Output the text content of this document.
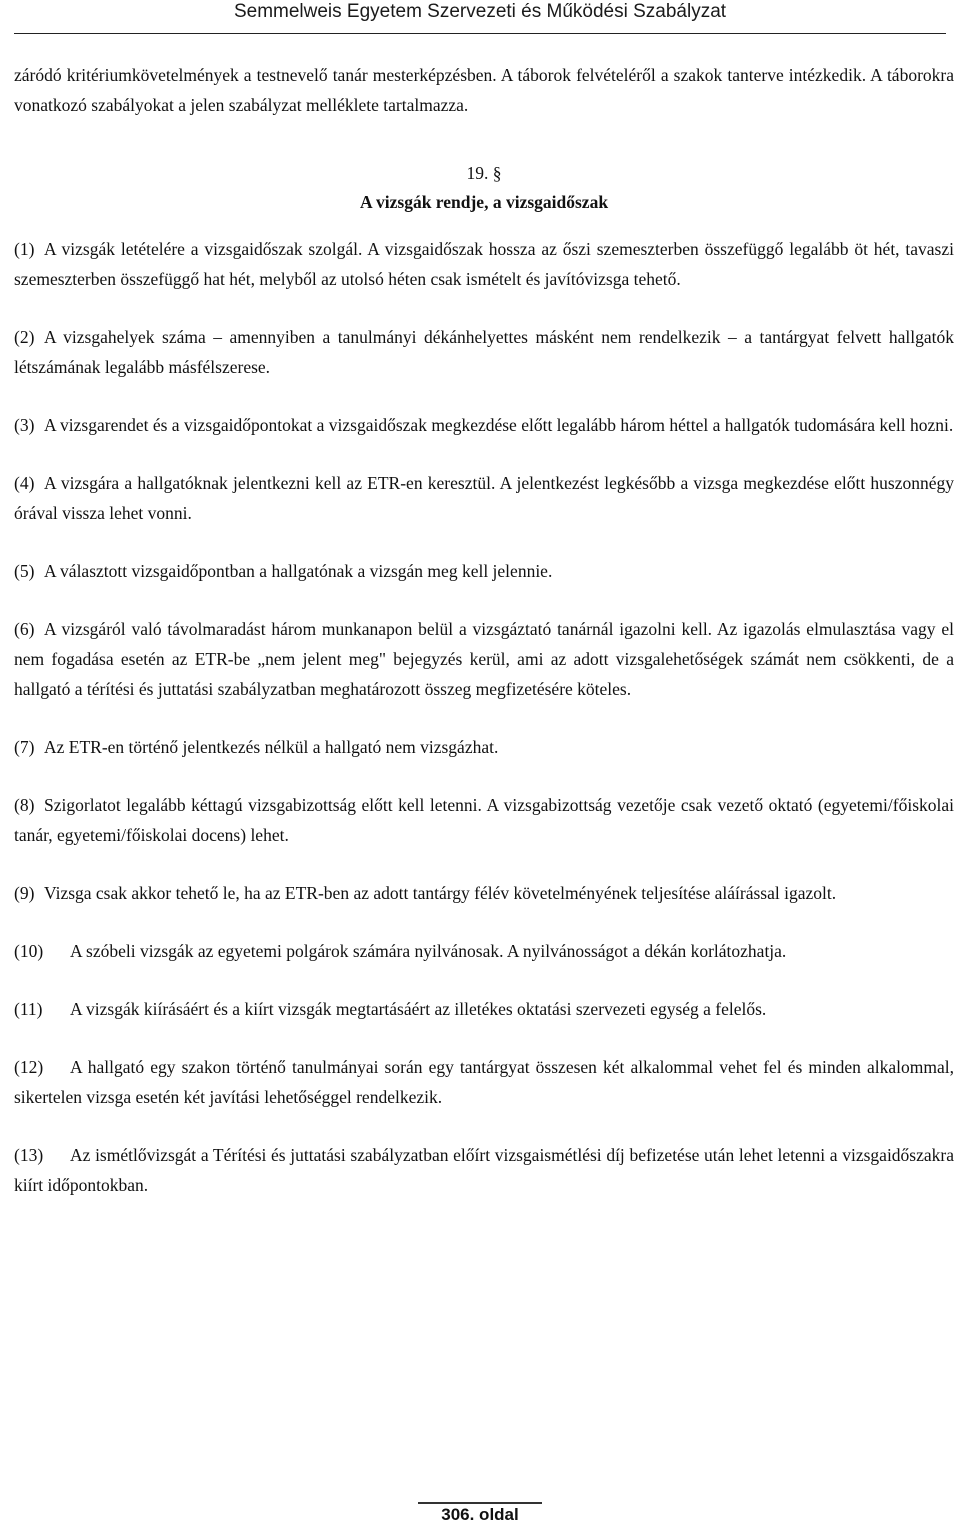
Semmelweis Egyetem Szervezeti és Működési Szabályzat

záródó kritériumkövetelmények a testnevelő tanár mesterképzésben. A táborok felvételéről a szakok tanterve intézkedik. A táborokra vonatkozó szabályokat a jelen szabályzat melléklete tartalmazza.

19. §
A vizsgák rendje, a vizsgaidőszak

(1) A vizsgák letételére a vizsgaidőszak szolgál. A vizsgaidőszak hossza az őszi szemeszterben összefüggő legalább öt hét, tavaszi szemeszterben összefüggő hat hét, melyből az utolsó héten csak ismételt és javítóvizsga tehető.

(2) A vizsgahelyek száma – amennyiben a tanulmányi dékánhelyettes másként nem rendelkezik – a tantárgyat felvett hallgatók létszámának legalább másfélszerese.

(3) A vizsgarendet és a vizsgaidőpontokat a vizsgaidőszak megkezdése előtt legalább három héttel a hallgatók tudomására kell hozni.

(4) A vizsgára a hallgatóknak jelentkezni kell az ETR-en keresztül. A jelentkezést legkésőbb a vizsga megkezdése előtt huszonnégy órával vissza lehet vonni.

(5) A választott vizsgaidőpontban a hallgatónak a vizsgán meg kell jelennie.

(6) A vizsgáról való távolmaradást három munkanapon belül a vizsgáztató tanárnál igazolni kell. Az igazolás elmulasztása vagy el nem fogadása esetén az ETR-be „nem jelent meg" bejegyzés kerül, ami az adott vizsgalehetőségek számát nem csökkenti, de a hallgató a térítési és juttatási szabályzatban meghatározott összeg megfizetésére köteles.

(7) Az ETR-en történő jelentkezés nélkül a hallgató nem vizsgázhat.

(8) Szigorlatot legalább kéttagú vizsgabizottság előtt kell letenni. A vizsgabizottság vezetője csak vezető oktató (egyetemi/főiskolai tanár, egyetemi/főiskolai docens) lehet.

(9) Vizsga csak akkor tehető le, ha az ETR-ben az adott tantárgy félév követelményének teljesítése aláírással igazolt.

(10) A szóbeli vizsgák az egyetemi polgárok számára nyilvánosak. A nyilvánosságot a dékán korlátozhatja.

(11) A vizsgák kiírásáért és a kiírt vizsgák megtartásáért az illetékes oktatási szervezeti egység a felelős.

(12) A hallgató egy szakon történő tanulmányai során egy tantárgyat összesen két alkalommal vehet fel és minden alkalommal, sikertelen vizsga esetén két javítási lehetőséggel rendelkezik.

(13) Az ismétlővizsgát a Térítési és juttatási szabályzatban előírt vizsgaismétlési díj befizetése után lehet letenni a vizsgaidőszakra kiírt időpontokban.

306. oldal
